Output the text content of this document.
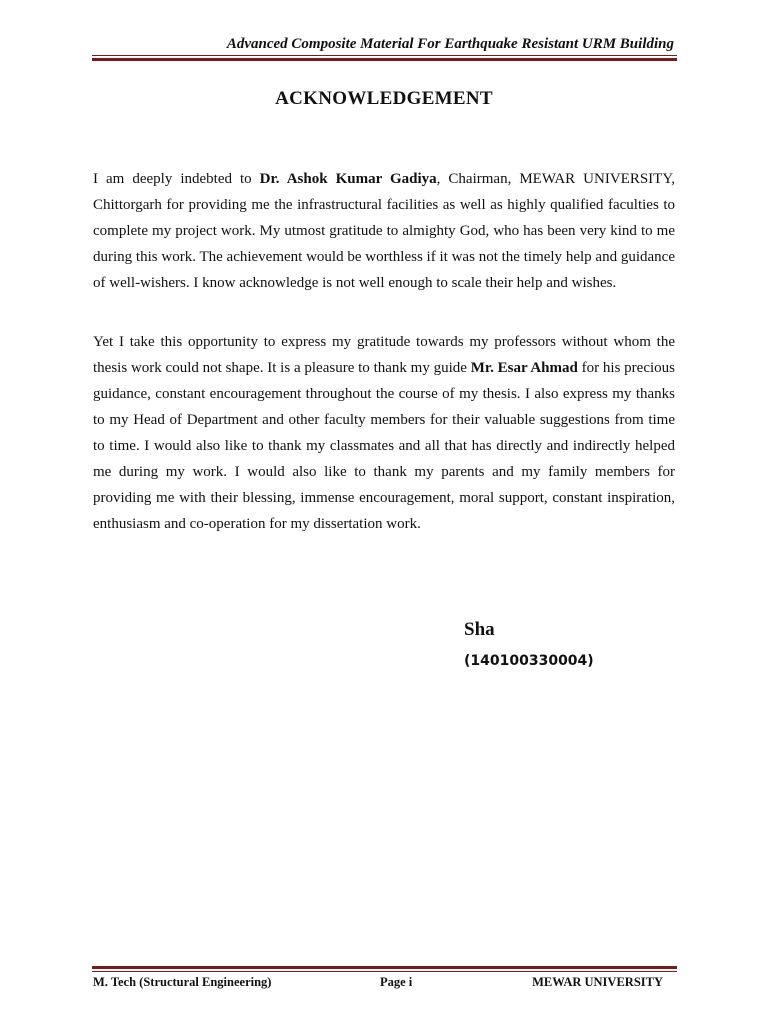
Advanced Composite Material For Earthquake Resistant URM Building
ACKNOWLEDGEMENT

I am deeply indebted to Dr. Ashok Kumar Gadiya, Chairman, MEWAR UNIVERSITY, Chittorgarh for providing me the infrastructural facilities as well as highly qualified faculties to complete my project work. My utmost gratitude to almighty God, who has been very kind to me during this work. The achievement would be worthless if it was not the timely help and guidance of well-wishers. I know acknowledge is not well enough to scale their help and wishes.

Yet I take this opportunity to express my gratitude towards my professors without whom the thesis work could not shape. It is a pleasure to thank my guide Mr. Esar Ahmad for his precious guidance, constant encouragement throughout the course of my thesis. I also express my thanks to my Head of Department and other faculty members for their valuable suggestions from time to time. I would also like to thank my classmates and all that has directly and indirectly helped me during my work. I would also like to thank my parents and my family members for providing me with their blessing, immense encouragement, moral support, constant inspiration, enthusiasm and co-operation for my dissertation work.

Sha
(140100330004)
M. Tech (Structural Engineering)	Page i	MEWAR UNIVERSITY
